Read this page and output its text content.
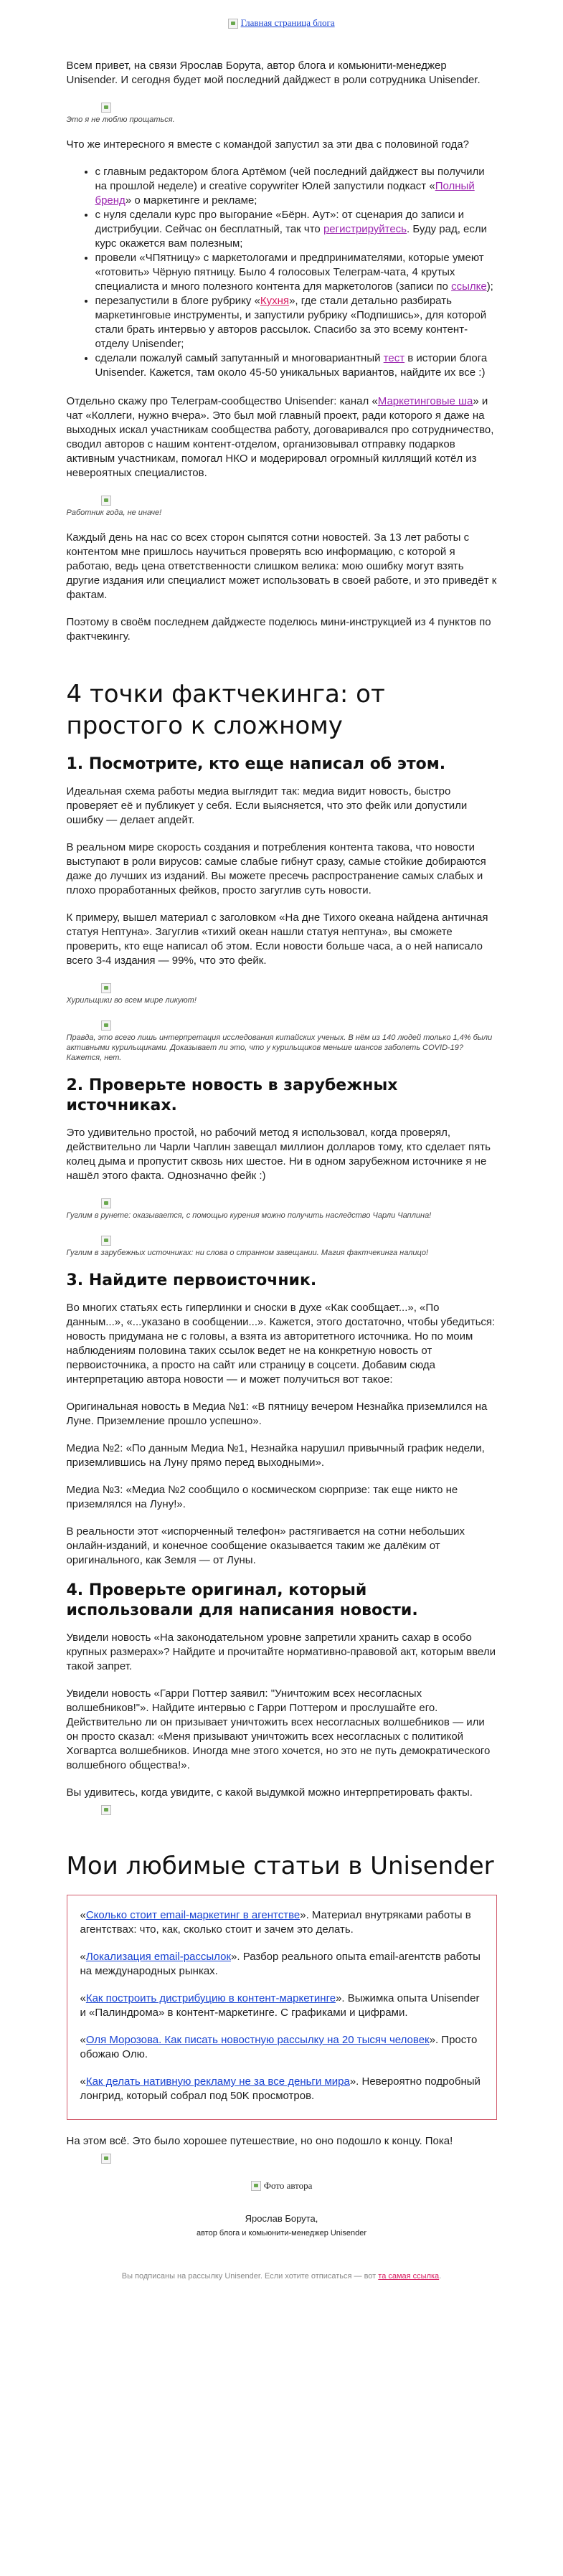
Главная страница блога

Всем привет, на связи Ярослав Борута, автор блога и комьюнити-менеджер Unisender. И сегодня будет мой последний дайджест в роли сотрудника Unisender.

Это я не люблю прощаться.

Что же интересного я вместе с командой запустил за эти два с половиной года?

• с главным редактором блога Артёмом (чей последний дайджест вы получили на прошлой неделе) и creative copywriter Юлей запустили подкаст «Полный бренд» о маркетинге и рекламе;
• с нуля сделали курс про выгорание «Бёрн. Аут»: от сценария до записи и дистрибуции. Сейчас он бесплатный, так что регистрируйтесь. Буду рад, если курс окажется вам полезным;
• провели «ЧПятницу» с маркетологами и предпринимателями, которые умеют «готовить» Чёрную пятницу. Было 4 голосовых Телеграм-чата, 4 крутых специалиста и много полезного контента для маркетологов (записи по ссылке);
• перезапустили в блоге рубрику «Кухня», где стали детально разбирать маркетинговые инструменты, и запустили рубрику «Подпишись», для которой стали брать интервью у авторов рассылок. Спасибо за это всему контент-отделу Unisender;
• сделали пожалуй самый запутанный и многовариантный тест в истории блога Unisender. Кажется, там около 45-50 уникальных вариантов, найдите их все :)

Отдельно скажу про Телеграм-сообщество Unisender: канал «Маркетинговые ша» и чат «Коллеги, нужно вчера». Это был мой главный проект, ради которого я даже на выходных искал участникам сообщества работу, договаривался про сотрудничество, сводил авторов с нашим контент-отделом, организовывал отправку подарков активным участникам, помогал НКО и модерировал огромный киллящий котёл из невероятных специалистов.

Работник года, не иначе!

Каждый день на нас со всех сторон сыпятся сотни новостей. За 13 лет работы с контентом мне пришлось научиться проверять всю информацию, с которой я работаю, ведь цена ответственности слишком велика: мою ошибку могут взять другие издания или специалист может использовать в своей работе, и это приведёт к фактам.

Поэтому в своём последнем дайджесте поделюсь мини-инструкцией из 4 пунктов по фактчекингу.

4 точки фактчекинга: от простого к сложному
1. Посмотрите, кто еще написал об этом.

Идеальная схема работы медиа выглядит так: медиа видит новость, быстро проверяет её и публикует у себя. Если выясняется, что это фейк или допустили ошибку — делает апдейт.

В реальном мире скорость создания и потребления контента такова, что новости выступают в роли вирусов: самые слабые гибнут сразу, самые стойкие добираются даже до лучших из изданий. Вы можете пресечь распространение самых слабых и плохо проработанных фейков, просто загуглив суть новости.

К примеру, вышел материал с заголовком «На дне Тихого океана найдена античная статуя Нептуна». Загуглив «тихий океан нашли статуя нептуна», вы сможете проверить, кто еще написал об этом. Если новости больше часа, а о ней написало всего 3-4 издания — 99%, что это фейк.

Хурильщики во всем мире ликуют!
Правда, это всего лишь интерпретация исследования китайских ученых. В нём из 140 людей только 1,4% были активными курильщиками. Доказывает ли это, что у курильщиков меньше шансов заболеть COVID-19? Кажется, нет.
2. Проверьте новость в зарубежных источниках.

Это удивительно простой, но рабочий метод я использовал, когда проверял, действительно ли Чарли Чаплин завещал миллион долларов тому, кто сделает пять колец дыма и пропустит сквозь них шестое. Ни в одном зарубежном источнике я не нашёл этого факта. Однозначно фейк :)

Гуглим в рунете: оказывается, с помощью курения можно получить наследство Чарли Чаплина!
Гуглим в зарубежных источниках: ни слова о странном завещании. Магия фактчекинга налицо!
3. Найдите первоисточник.

Во многих статьях есть гиперлинки и сноски в духе «Как сообщает...», «По данным...», «...указано в сообщении...». Кажется, этого достаточно, чтобы убедиться: новость придумана не с головы, а взята из авторитетного источника. Но по моим наблюдениям половина таких ссылок ведет не на конкретную новость от первоисточника, а просто на сайт или страницу в соцсети. Добавим сюда интерпретацию автора новости — и может получиться вот такое:

Оригинальная новость в Медиа №1: «В пятницу вечером Незнайка приземлился на Луне. Приземление прошло успешно».

Медиа №2: «По данным Медиа №1, Незнайка нарушил привычный график недели, приземлившись на Луну прямо перед выходными».

Медиа №3: «Медиа №2 сообщило о космическом сюрпризе: так еще никто не приземлялся на Луну!».

В реальности этот «испорченный телефон» растягивается на сотни небольших онлайн-изданий, и конечное сообщение оказывается таким же далёким от оригинального, как Земля — от Луны.

4. Проверьте оригинал, который использовали для написания новости.

Увидели новость «На законодательном уровне запретили хранить сахар в особо крупных размерах»? Найдите и прочитайте нормативно-правовой акт, которым ввели такой запрет.

Увидели новость «Гарри Поттер заявил: "Уничтожим всех несогласных волшебников!"». Найдите интервью с Гарри Поттером и прослушайте его. Действительно ли он призывает уничтожить всех несогласных волшебников — или он просто сказал: «Меня призывают уничтожить всех несогласных с политикой Хогвартса волшебников. Иногда мне этого хочется, но это не путь демократического волшебного общества!».

Вы удивитесь, когда увидите, с какой выдумкой можно интерпретировать факты.

Мои любимые статьи в Unisender

«Сколько стоит email-маркетинг в агентстве». Материал внутряками работы в агентствах: что, как, сколько стоит и зачем это делать.

«Локализация email-рассылок». Разбор реального опыта email-агентств работы на международных рынках.

«Как построить дистрибуцию в контент-маркетинге». Выжимка опыта Unisender и «Палиндрома» в контент-маркетинге. С графиками и цифрами.

«Оля Морозова. Как писать новостную рассылку на 20 тысяч человек». Просто обожаю Олю.

«Как делать нативную рекламу не за все деньги мира». Невероятно подробный лонгрид, который собрал под 50K просмотров.

На этом всё. Это было хорошее путешествие, но оно подошло к концу. Пока!

Фото автора
Ярослав Борута,
автор блога и комьюнити-менеджер Unisender
Вы подписаны на рассылку Unisender. Если хотите отписаться — вот та самая ссылка.
